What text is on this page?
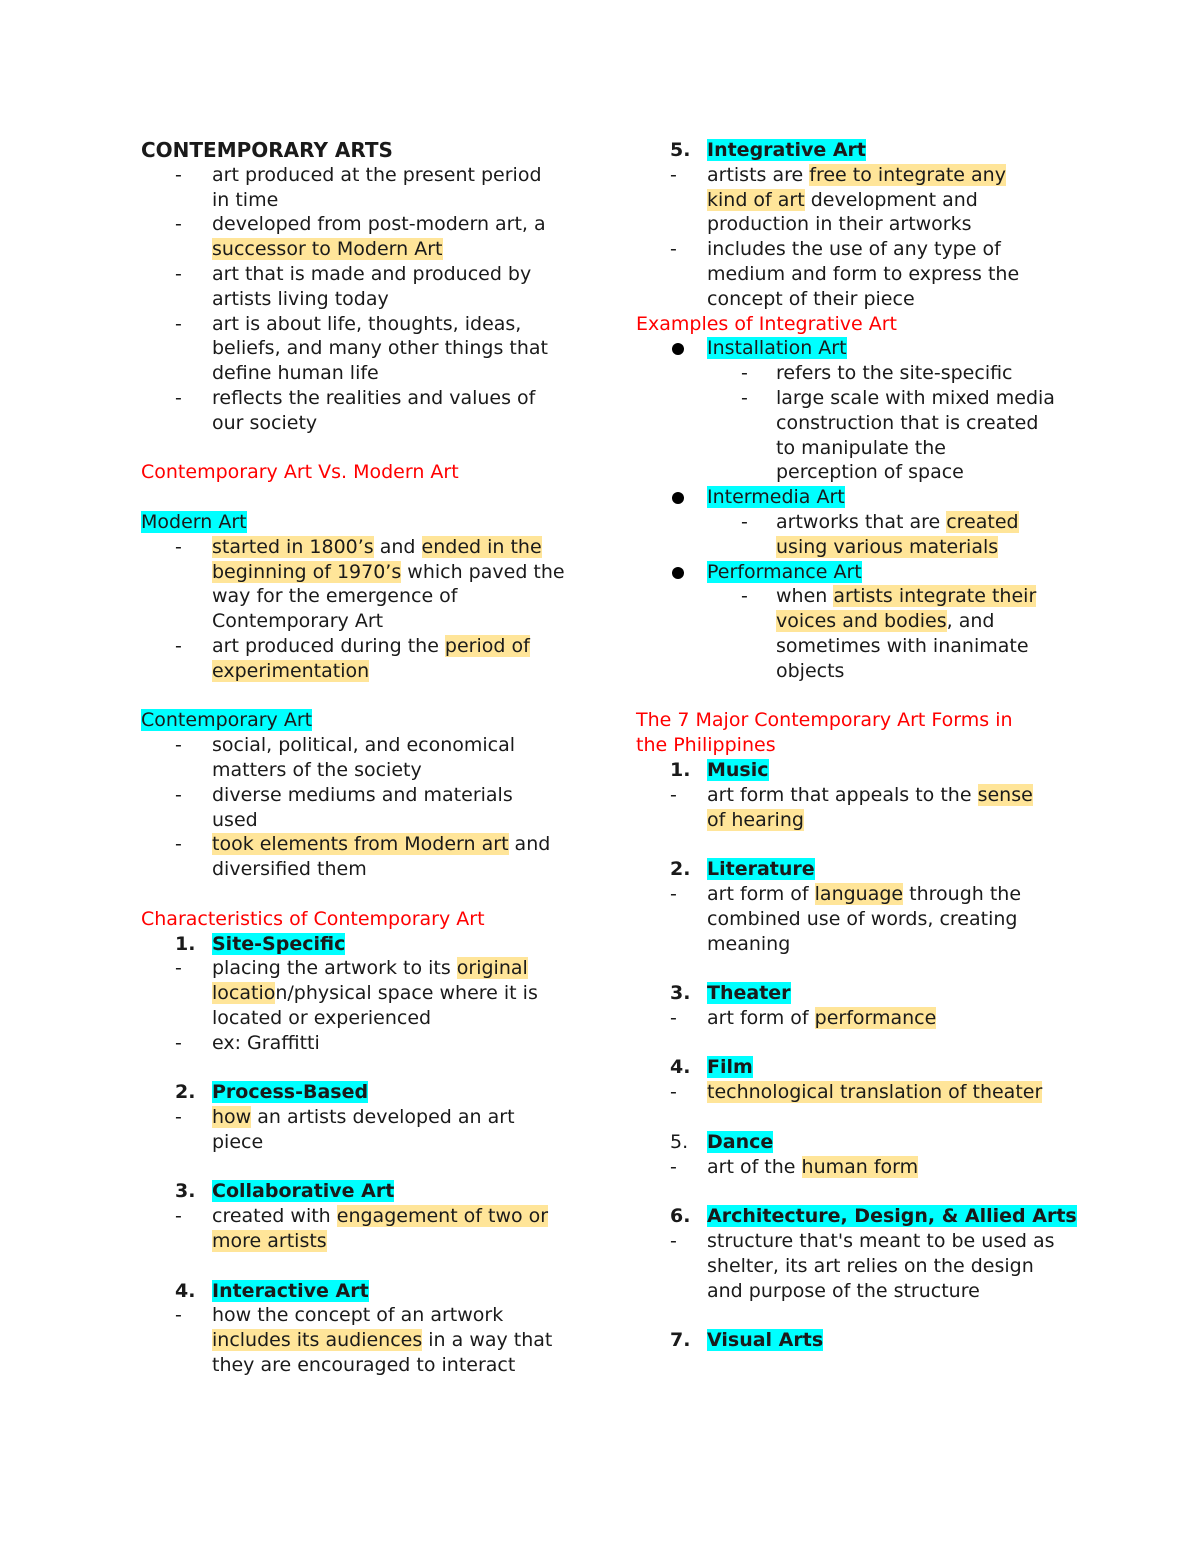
CONTEMPORARY ARTS
- art produced at the present period
in time
- developed from post-modern art, a
successor to Modern Art
- art that is made and produced by
artists living today
- art is about life, thoughts, ideas,
beliefs, and many other things that
define human life
- reflects the realities and values of
our society
Contemporary Art Vs. Modern Art
Modern Art
- started in 1800’s and ended in the
beginning of 1970’s which paved the
way for the emergence of
Contemporary Art
- art produced during the period of
experimentation
Contemporary Art
- social, political, and economical
matters of the society
- diverse mediums and materials
used
- took elements from Modern art and
diversified them
Characteristics of Contemporary Art
1. Site-Specific
- placing the artwork to its original
location/physical space where it is
located or experienced
- ex: Graffitti
2. Process-Based
- how an artists developed an art
piece
3. Collaborative Art
- created with engagement of two or
more artists
4. Interactive Art
- how the concept of an artwork
includes its audiences in a way that
they are encouraged to interact
5. Integrative Art
- artists are free to integrate any
kind of art development and
production in their artworks
- includes the use of any type of
medium and form to express the
concept of their piece
Examples of Integrative Art
Installation Art
- refers to the site-specific
- large scale with mixed media
construction that is created
to manipulate the
perception of space
Intermedia Art
- artworks that are created
using various materials
Performance Art
- when artists integrate their
voices and bodies, and
sometimes with inanimate
objects
The 7 Major Contemporary Art Forms in
the Philippines
1. Music
- art form that appeals to the sense
of hearing
2. Literature
- art form of language through the
combined use of words, creating
meaning
3. Theater
- art form of performance
4. Film
- technological translation of theater
5. Dance
- art of the human form
6. Architecture, Design, & Allied Arts
- structure that's meant to be used as
shelter, its art relies on the design
and purpose of the structure
7. Visual Arts
